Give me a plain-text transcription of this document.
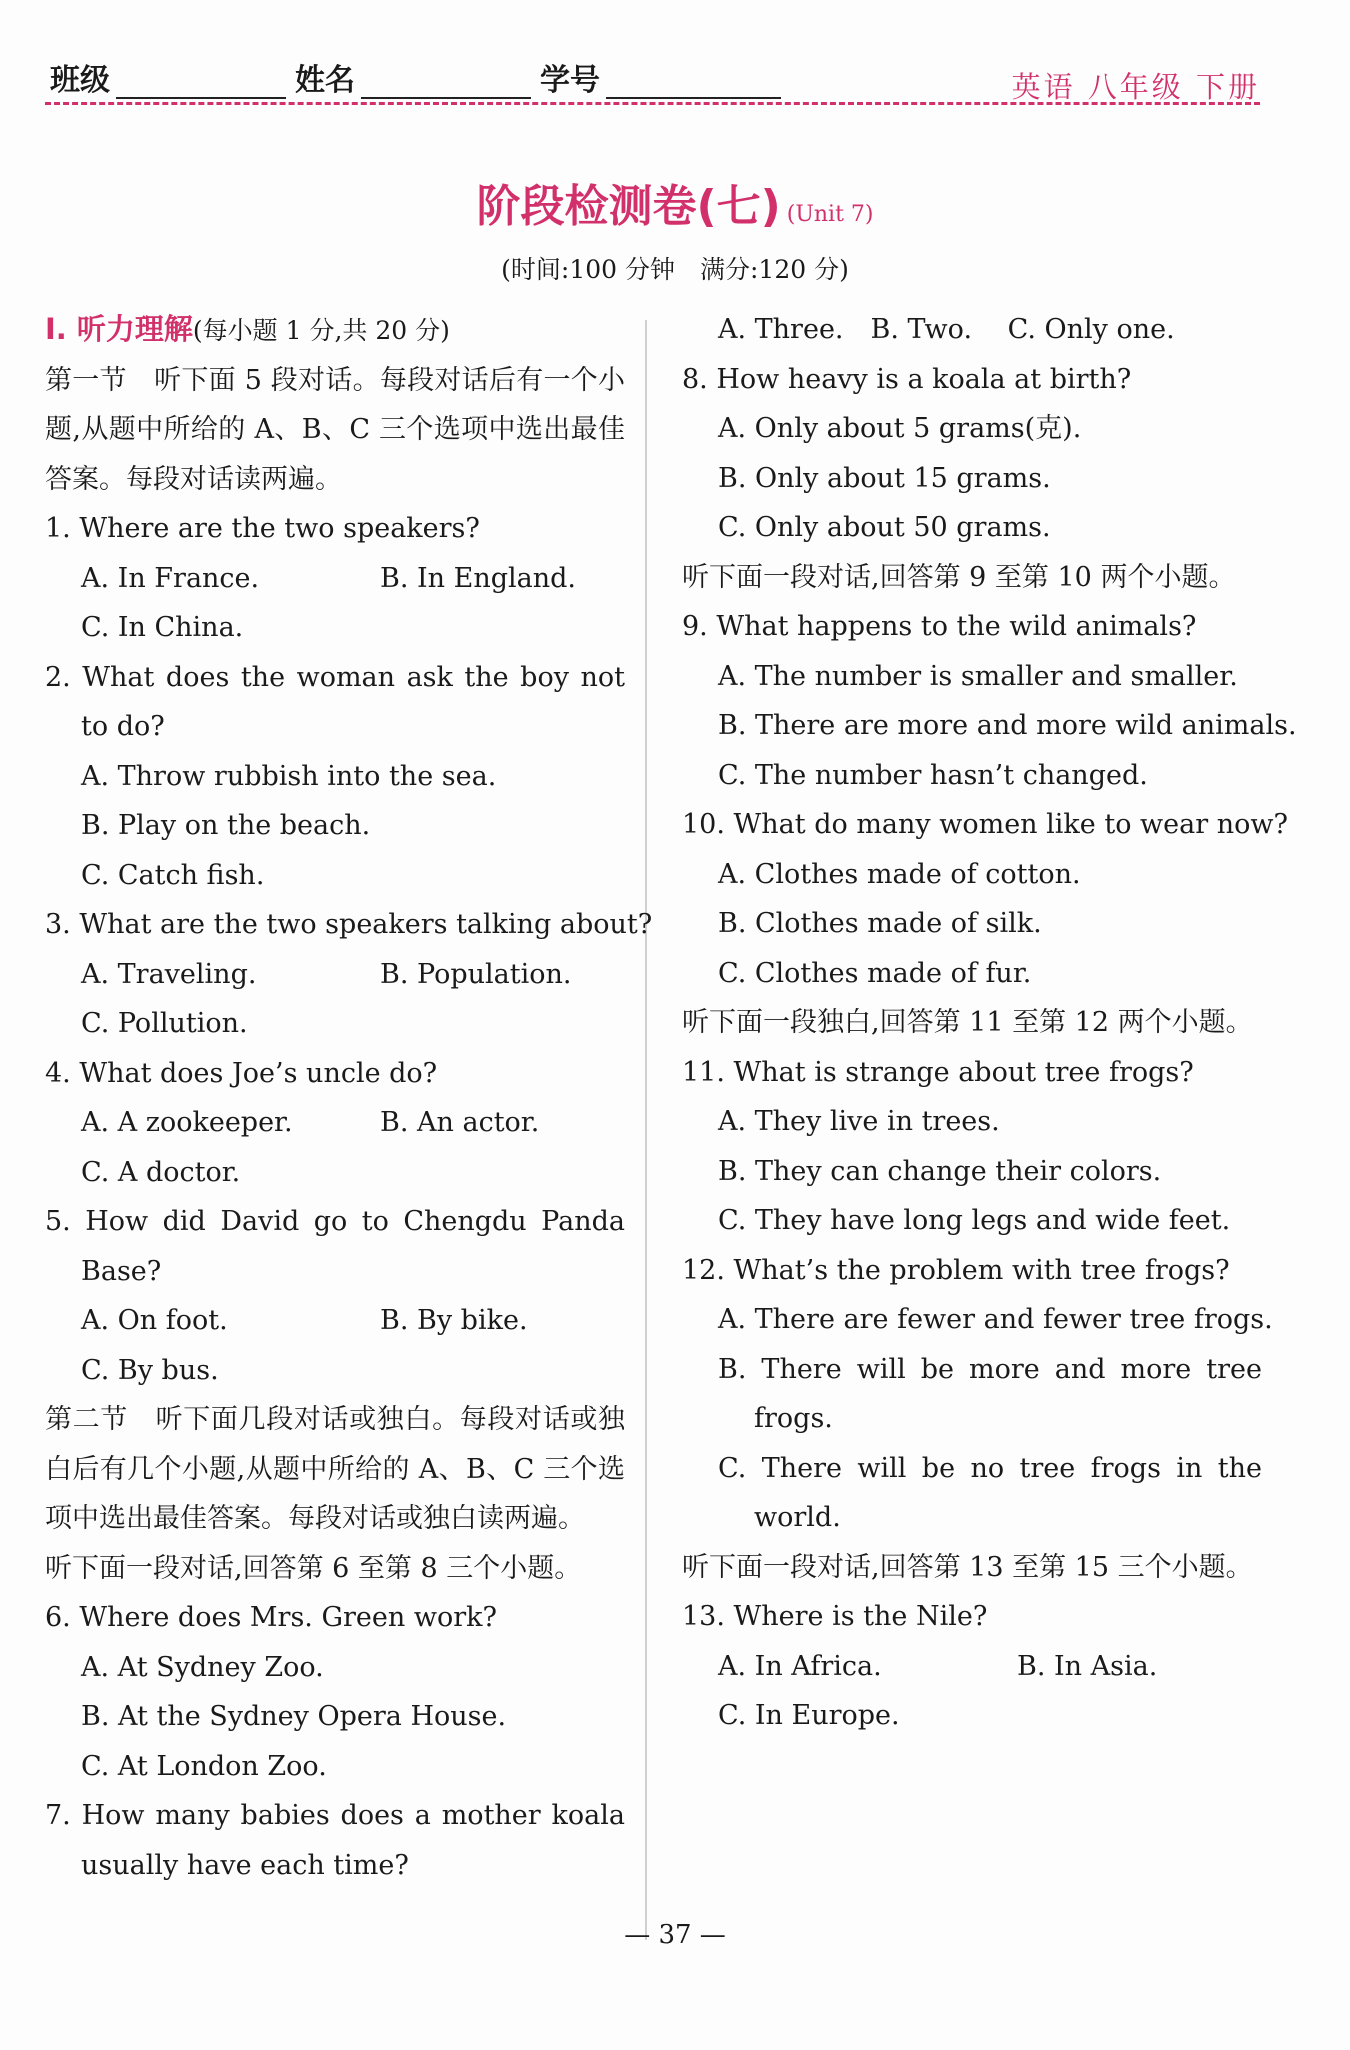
班级	姓名	学号	英语 八年级 下册
阶段检测卷(七) (Unit 7)
(时间:100 分钟　满分:120 分)
Ⅰ. 听力理解(每小题 1 分,共 20 分)
第一节　听下面 5 段对话。每段对话后有一个小题,从题中所给的 A、B、C 三个选项中选出最佳答案。每段对话读两遍。
1. Where are the two speakers?
A. In France.	B. In England.
C. In China.
2. What does the woman ask the boy not to do?
A. Throw rubbish into the sea.
B. Play on the beach.
C. Catch fish.
3. What are the two speakers talking about?
A. Traveling.	B. Population.
C. Pollution.
4. What does Joe’s uncle do?
A. A zookeeper.	B. An actor.
C. A doctor.
5. How did David go to Chengdu Panda Base?
A. On foot.	B. By bike.
C. By bus.
第二节　听下面几段对话或独白。每段对话或独白后有几个小题,从题中所给的 A、B、C 三个选项中选出最佳答案。每段对话或独白读两遍。
听下面一段对话,回答第 6 至第 8 三个小题。
6. Where does Mrs. Green work?
A. At Sydney Zoo.
B. At the Sydney Opera House.
C. At London Zoo.
7. How many babies does a mother koala usually have each time?
A. Three.　B. Two.　 C. Only one.
8. How heavy is a koala at birth?
A. Only about 5 grams(克).
B. Only about 15 grams.
C. Only about 50 grams.
听下面一段对话,回答第 9 至第 10 两个小题。
9. What happens to the wild animals?
A. The number is smaller and smaller.
B. There are more and more wild animals.
C. The number hasn’t changed.
10. What do many women like to wear now?
A. Clothes made of cotton.
B. Clothes made of silk.
C. Clothes made of fur.
听下面一段独白,回答第 11 至第 12 两个小题。
11. What is strange about tree frogs?
A. They live in trees.
B. They can change their colors.
C. They have long legs and wide feet.
12. What’s the problem with tree frogs?
A. There are fewer and fewer tree frogs.
B. There will be more and more tree frogs.
C. There will be no tree frogs in the world.
听下面一段对话,回答第 13 至第 15 三个小题。
13. Where is the Nile?
A. In Africa.	B. In Asia.
C. In Europe.
— 37 —
